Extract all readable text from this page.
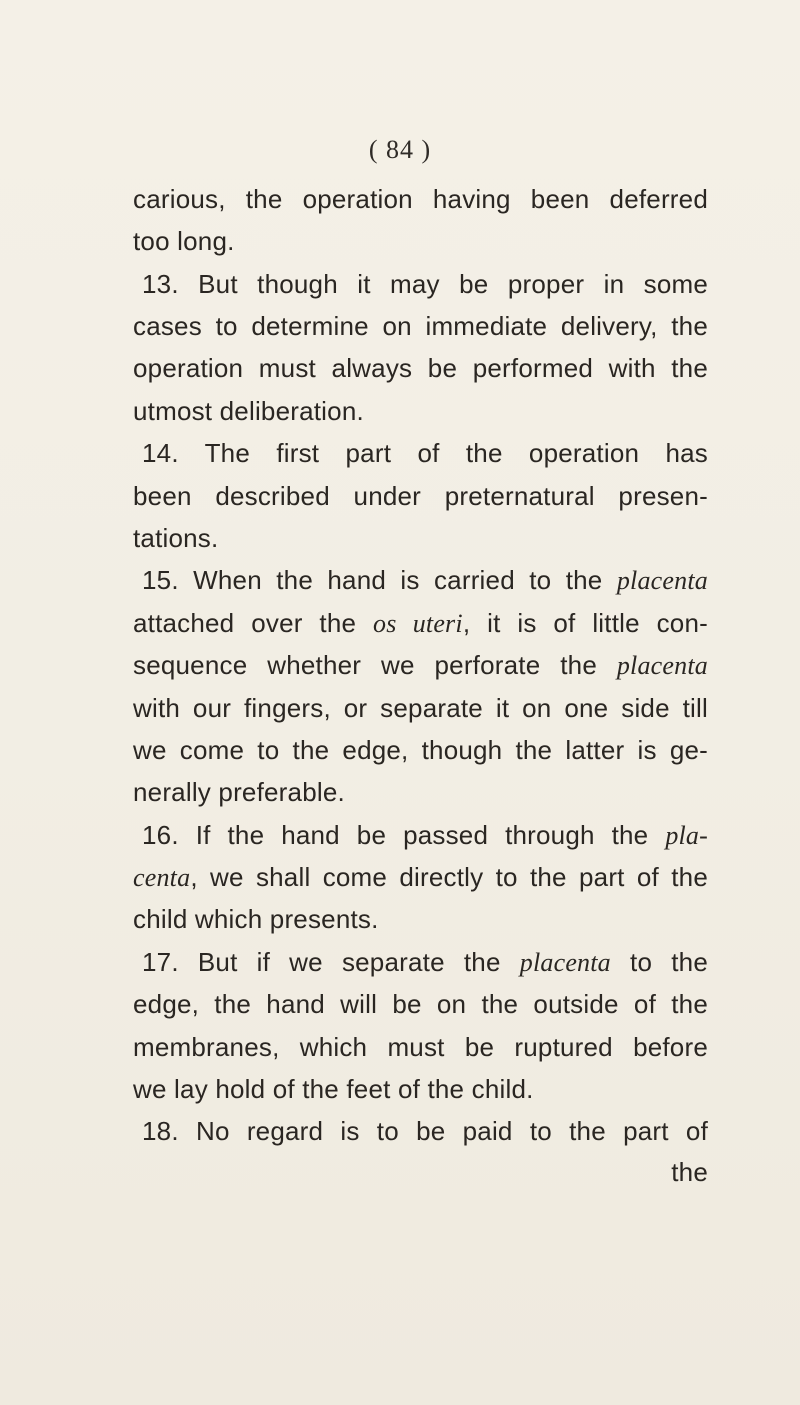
( 84 )
carious, the operation having been deferred
too long.
13. But though it may be proper in some
cases to determine on immediate delivery, the
operation must always be performed with the
utmost deliberation.
14. The first part of the operation has
been described under preternatural presen-
tations.
15. When the hand is carried to the placenta
attached over the os uteri, it is of little con-
sequence whether we perforate the placenta
with our fingers, or separate it on one side till
we come to the edge, though the latter is ge-
nerally preferable.
16. If the hand be passed through the pla-
centa, we shall come directly to the part of the
child which presents.
17. But if we separate the placenta to the
edge, the hand will be on the outside of the
membranes, which must be ruptured before
we lay hold of the feet of the child.
18. No regard is to be paid to the part of
the
